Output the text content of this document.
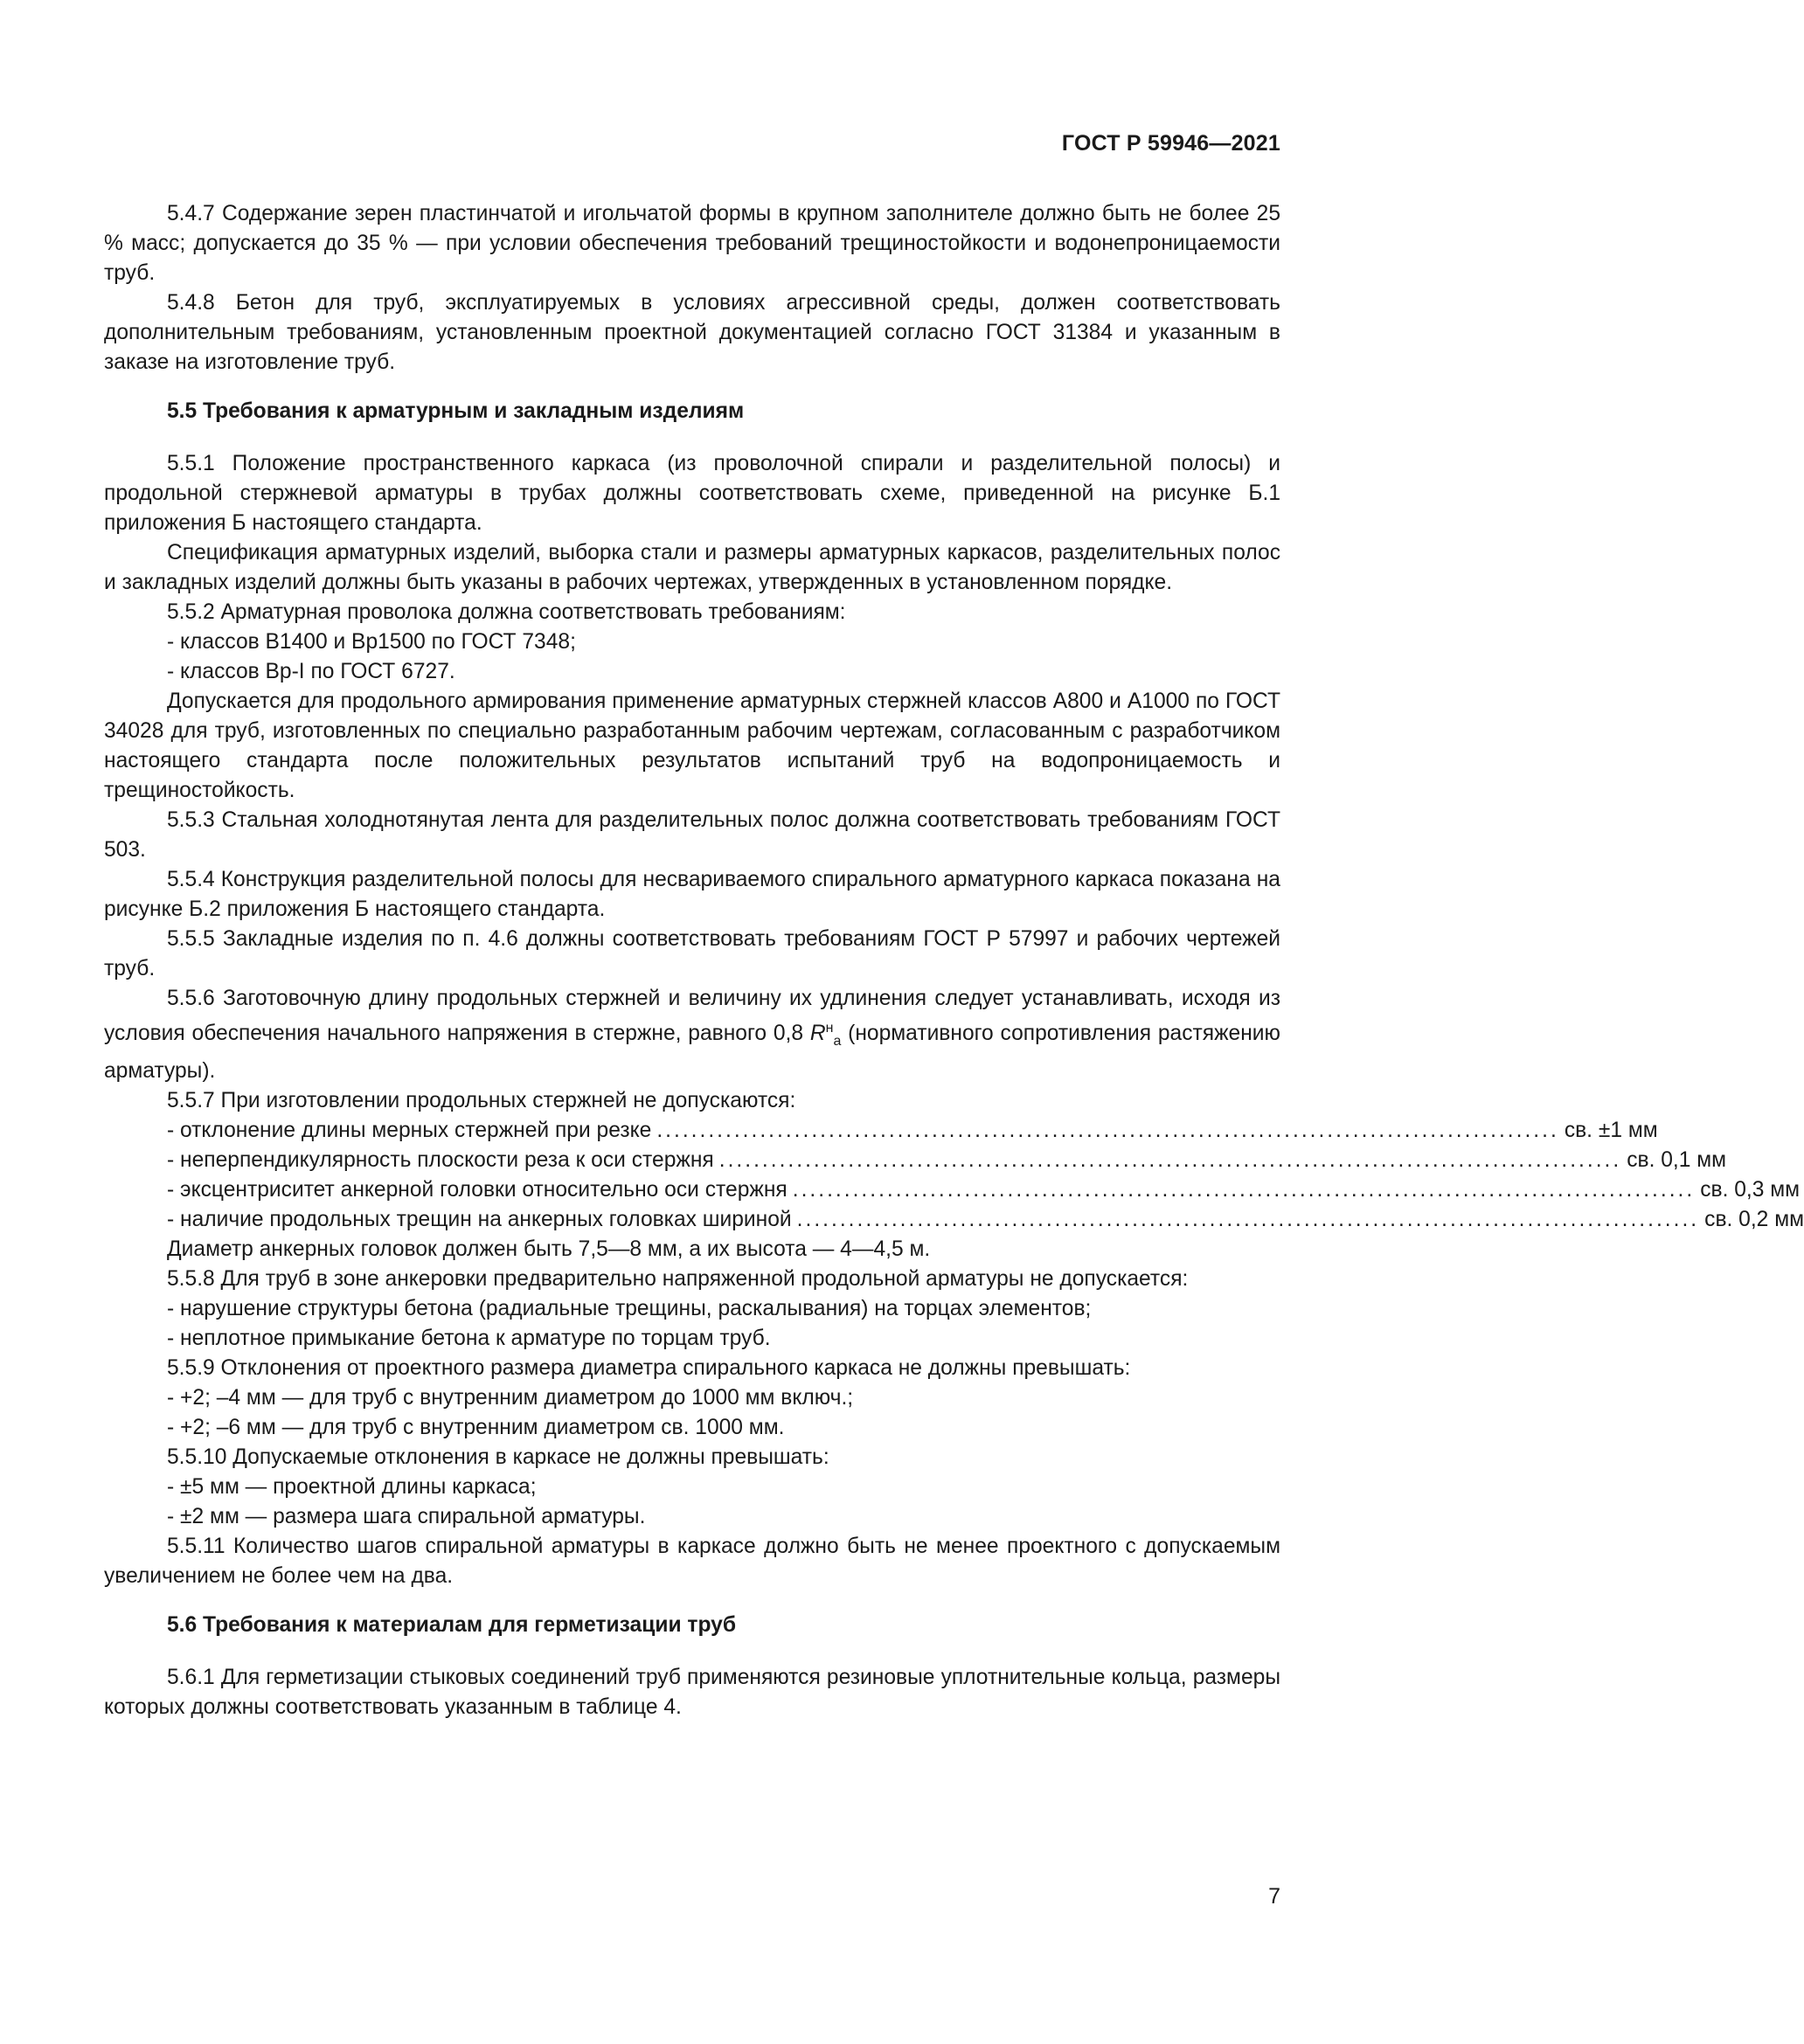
ГОСТ Р 59946—2021

5.4.7 Содержание зерен пластинчатой и игольчатой формы в крупном заполнителе должно быть не более 25 % масс; допускается до 35 % — при условии обеспечения требований трещиностойкости и водонепроницаемости труб.

5.4.8 Бетон для труб, эксплуатируемых в условиях агрессивной среды, должен соответствовать дополнительным требованиям, установленным проектной документацией согласно ГОСТ 31384 и указанным в заказе на изготовление труб.

5.5 Требования к арматурным и закладным изделиям

5.5.1 Положение пространственного каркаса (из проволочной спирали и разделительной полосы) и продольной стержневой арматуры в трубах должны соответствовать схеме, приведенной на рисунке Б.1 приложения Б настоящего стандарта.

Спецификация арматурных изделий, выборка стали и размеры арматурных каркасов, разделительных полос и закладных изделий должны быть указаны в рабочих чертежах, утвержденных в установленном порядке.

5.5.2 Арматурная проволока должна соответствовать требованиям:

- классов В1400 и Вр1500 по ГОСТ 7348;

- классов Вр-I по ГОСТ 6727.

Допускается для продольного армирования применение арматурных стержней классов А800 и А1000 по ГОСТ 34028 для труб, изготовленных по специально разработанным рабочим чертежам, согласованным с разработчиком настоящего стандарта после положительных результатов испытаний труб на водопроницаемость и трещиностойкость.

5.5.3 Стальная холоднотянутая лента для разделительных полос должна соответствовать требованиям ГОСТ 503.

5.5.4 Конструкция разделительной полосы для несвариваемого спирального арматурного каркаса показана на рисунке Б.2 приложения Б настоящего стандарта.

5.5.5 Закладные изделия по п. 4.6 должны соответствовать требованиям ГОСТ Р 57997 и рабочих чертежей труб.

5.5.6 Заготовочную длину продольных стержней и величину их удлинения следует устанавливать, исходя из условия обеспечения начального напряжения в стержне, равного 0,8 $R^н_а$ (нормативного сопротивления растяжению арматуры).

5.5.7 При изготовлении продольных стержней не допускаются:

- отклонение длины мерных стержней при резке ......................................................................................................... св. ±1 мм
- неперпендикулярность плоскости реза к оси стержня ......................................................................................................... св. 0,1 мм
- эксцентриситет анкерной головки относительно оси стержня ......................................................................................................... св. 0,3 мм
- наличие продольных трещин на анкерных головках шириной ......................................................................................................... св. 0,2 мм

Диаметр анкерных головок должен быть 7,5—8 мм, а их высота — 4—4,5 м.

5.5.8 Для труб в зоне анкеровки предварительно напряженной продольной арматуры не допускается:

- нарушение структуры бетона (радиальные трещины, раскалывания) на торцах элементов;

- неплотное примыкание бетона к арматуре по торцам труб.

5.5.9 Отклонения от проектного размера диаметра спирального каркаса не должны превышать:

- +2; –4 мм — для труб с внутренним диаметром до 1000 мм включ.;

- +2; –6 мм — для труб с внутренним диаметром св. 1000 мм.

5.5.10 Допускаемые отклонения в каркасе не должны превышать:

- ±5 мм — проектной длины каркаса;

- ±2 мм — размера шага спиральной арматуры.

5.5.11 Количество шагов спиральной арматуры в каркасе должно быть не менее проектного с допускаемым увеличением не более чем на два.

5.6 Требования к материалам для герметизации труб

5.6.1 Для герметизации стыковых соединений труб применяются резиновые уплотнительные кольца, размеры которых должны соответствовать указанным в таблице 4.

7
